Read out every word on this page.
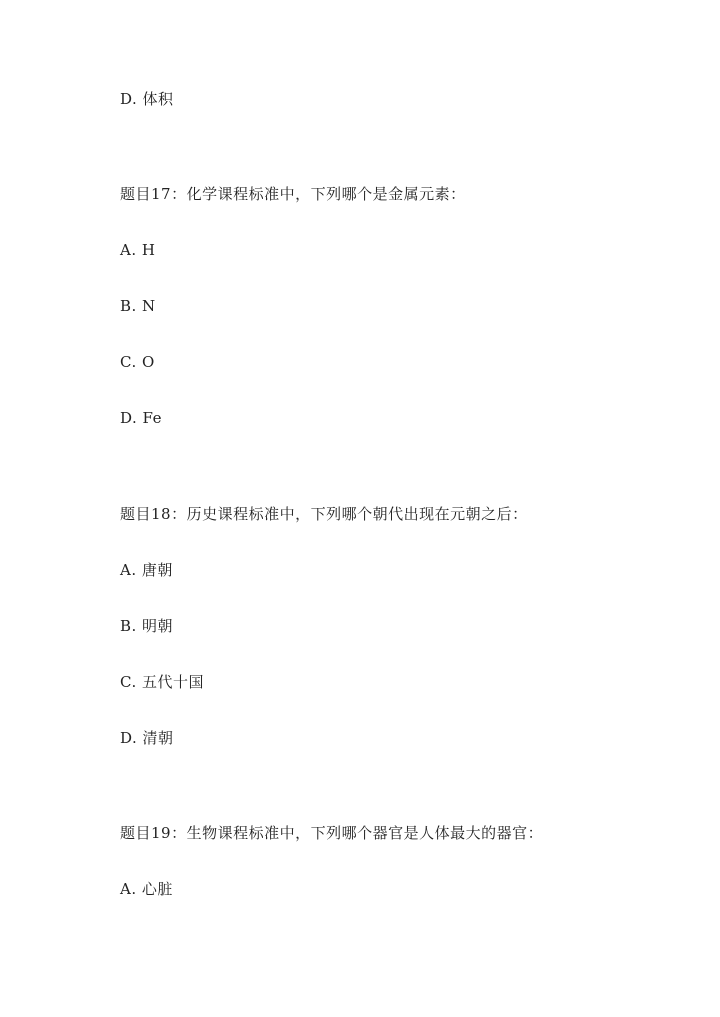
D. 体积
题目17：化学课程标准中，下列哪个是金属元素：
A. H
B. N
C. O
D. Fe
题目18：历史课程标准中，下列哪个朝代出现在元朝之后：
A. 唐朝
B. 明朝
C. 五代十国
D. 清朝
题目19：生物课程标准中，下列哪个器官是人体最大的器官：
A. 心脏
